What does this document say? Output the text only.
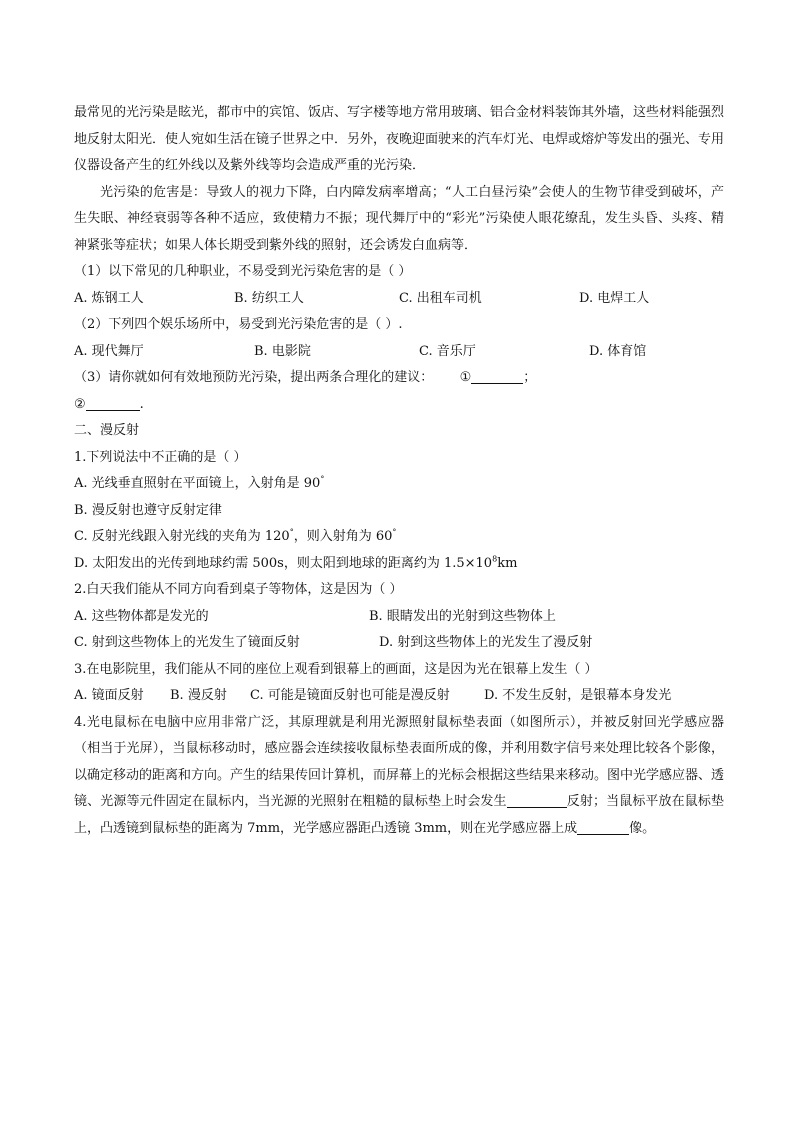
最常见的光污染是眩光，都市中的宾馆、饭店、写字楼等地方常用玻璃、铝合金材料装饰其外墙，这些材料能强烈地反射太阳光．使人宛如生活在镜子世界之中．另外，夜晚迎面驶来的汽车灯光、电焊或熔炉等发出的强光、专用仪器设备产生的红外线以及紫外线等均会造成严重的光污染．

光污染的危害是：导致人的视力下降，白内障发病率增高；“人工白昼污染”会使人的生物节律受到破坏，产生失眠、神经衰弱等各种不适应，致使精力不振；现代舞厅中的“彩光”污染使人眼花缭乱，发生头昏、头疼、精神紧张等症状；如果人体长期受到紫外线的照射，还会诱发白血病等．

（1）以下常见的几种职业，不易受到光污染危害的是（ ）

A. 炼钢工人	B. 纺织工人	C. 出租车司机	D. 电焊工人

（2）下列四个娱乐场所中，易受到光污染危害的是（ ）.

A. 现代舞厅	B. 电影院	C. 音乐厅	D. 体育馆

（3）请你就如何有效地预防光污染，提出两条合理化的建议： ①	；

②	.

二、漫反射

1.下列说法中不正确的是（ ）

A. 光线垂直照射在平面镜上，入射角是 90°

B. 漫反射也遵守反射定律

C. 反射光线跟入射光线的夹角为 120°，则入射角为 60°

D. 太阳发出的光传到地球约需 500s，则太阳到地球的距离约为 $1.5\times 10^8km$

2.白天我们能从不同方向看到桌子等物体，这是因为（ ）

A. 这些物体都是发光的	B. 眼睛发出的光射到这些物体上
C. 射到这些物体上的光发生了镜面反射	D. 射到这些物体上的光发生了漫反射

3.在电影院里，我们能从不同的座位上观看到银幕上的画面，这是因为光在银幕上发生（ ）

A. 镜面反射 B. 漫反射 C. 可能是镜面反射也可能是漫反射	D. 不发生反射，是银幕本身发光

4.光电鼠标在电脑中应用非常广泛，其原理就是利用光源照射鼠标垫表面（如图所示），并被反射回光学感应器（相当于光屏），当鼠标移动时，感应器会连续接收鼠标垫表面所成的像，并利用数字信号来处理比较各个影像，以确定移动的距离和方向。产生的结果传回计算机，而屏幕上的光标会根据这些结果来移动。图中光学感应器、透镜、光源等元件固定在鼠标内，当光源的光照射在粗糙的鼠标垫上时会发生	反射；当鼠标平放在鼠标垫上，凸透镜到鼠标垫的距离为 7mm，光学感应器距凸透镜 3mm，则在光学感应器上成	像。
